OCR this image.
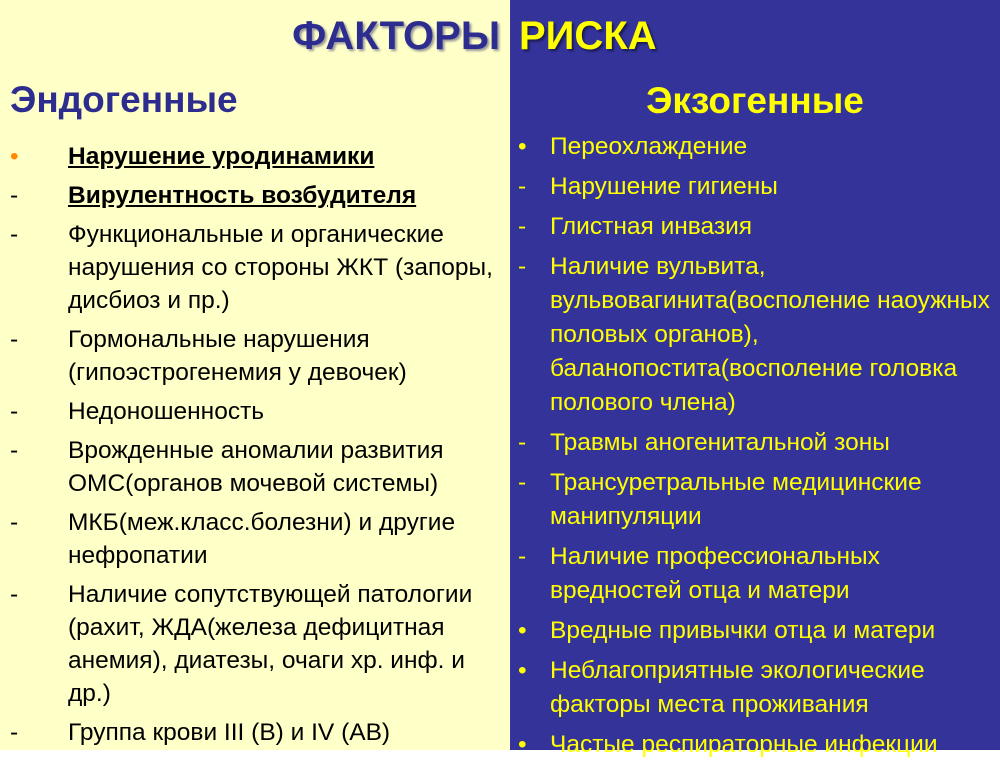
ФАКТОРЫ РИСКА
Эндогенные	Экзогенные
•	Нарушение уродинамики
-	Вирулентность возбудителя
-	Функциональные и органические нарушения со стороны ЖКТ (запоры, дисбиоз и пр.)
-	Гормональные нарушения (гипоэстрогенемия у девочек)
-	Недоношенность
-	Врожденные аномалии развития ОМС(органов мочевой системы)
-	МКБ(меж.класс.болезни) и другие нефропатии
-	Наличие сопутствующей патологии (рахит, ЖДА(железа дефицитная анемия), диатезы, очаги хр. инф. и др.)
-	Группа крови III (B) и IV (AB)
• Переохлаждение
- Нарушение гигиены
- Глистная инвазия
- Наличие вульвита, вульвовагинита(восполение наоужных половых органов), баланопостита(восполение головка полового члена)
- Травмы аногенитальной зоны
- Трансуретральные медицинские манипуляции
- Наличие профессиональных вредностей отца и матери
• Вредные привычки отца и матери
• Неблагоприятные экологические факторы места проживания
• Частые респираторные инфекции
